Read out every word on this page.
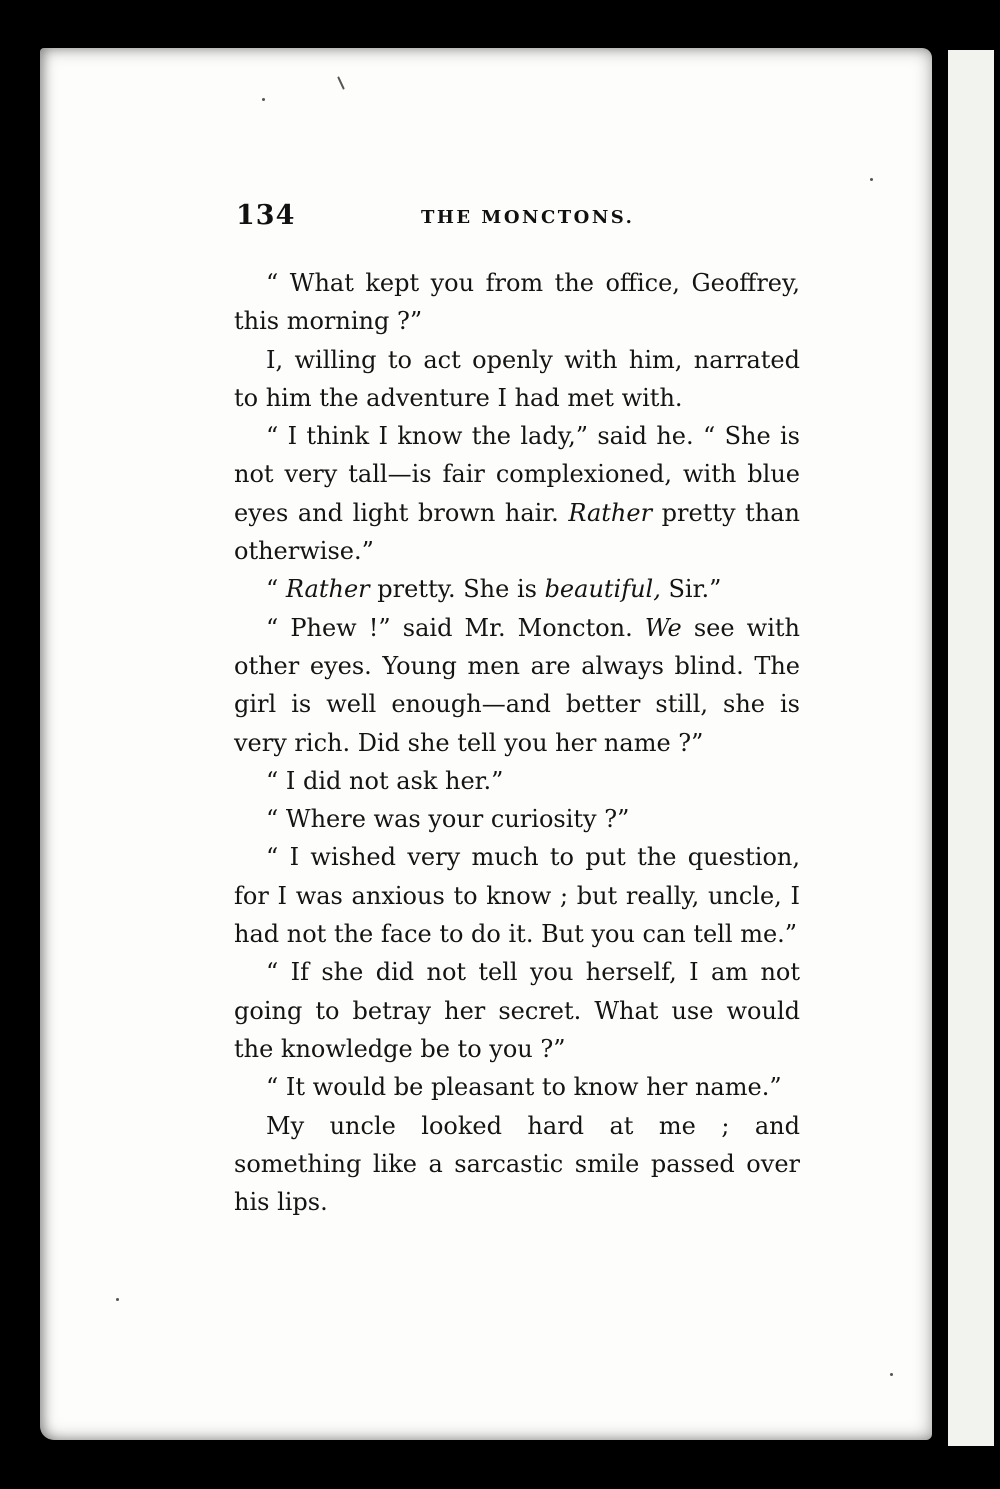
134	THE MONCTONS.

“ What kept you from the office, Geoffrey, this morning ?”

I, willing to act openly with him, narrated to him the adventure I had met with.

“ I think I know the lady,” said he. “ She is not very tall—is fair complexioned, with blue eyes and light brown hair. Rather pretty than otherwise.”

“ Rather pretty. She is beautiful, Sir.”

“ Phew !” said Mr. Moncton. We see with other eyes. Young men are always blind. The girl is well enough—and better still, she is very rich. Did she tell you her name ?”

“ I did not ask her.”

“ Where was your curiosity ?”

“ I wished very much to put the question, for I was anxious to know ; but really, uncle, I had not the face to do it. But you can tell me.”

“ If she did not tell you herself, I am not going to betray her secret. What use would the knowledge be to you ?”

“ It would be pleasant to know her name.”

My uncle looked hard at me ; and something like a sarcastic smile passed over his lips.
